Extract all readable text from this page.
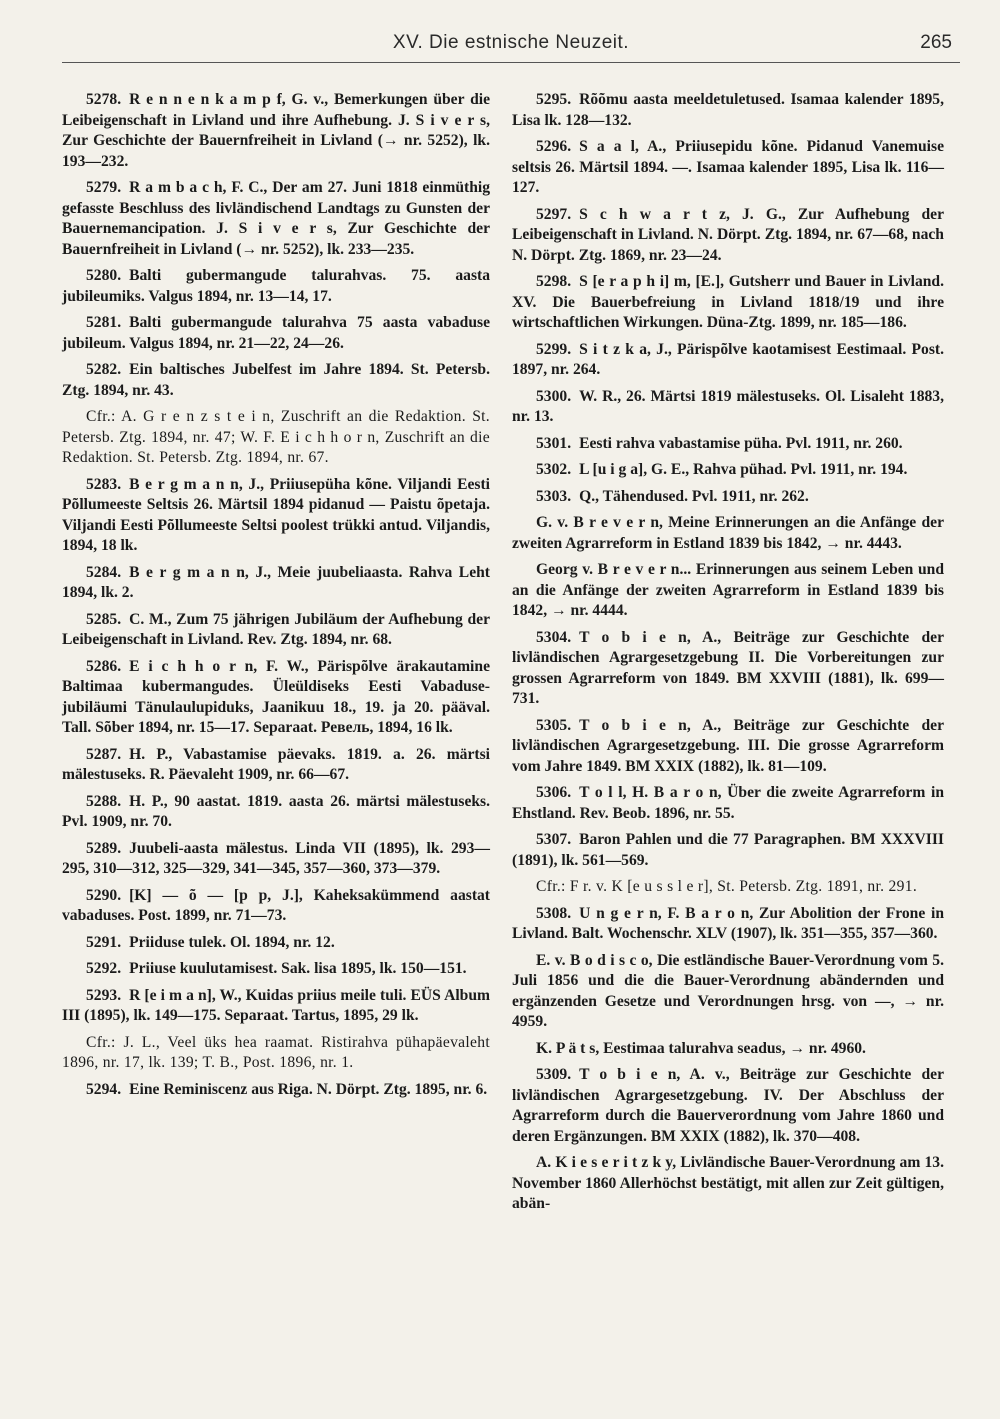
XV. Die estnische Neuzeit.	265

5278. R e n n e n k a m p f, G. v., Bemerkungen über die Leibeigenschaft in Livland und ihre Aufhebung. J. S i v e r s, Zur Geschichte der Bauernfreiheit in Livland (→ nr. 5252), lk. 193—232.

5279. R a m b a c h, F. C., Der am 27. Juni 1818 einmüthig gefasste Beschluss des livländischend Landtags zu Gunsten der Bauernemancipation. J. S i v e r s, Zur Geschichte der Bauernfreiheit in Livland (→ nr. 5252), lk. 233—235.

5280. Balti gubermangude talurahvas. 75. aasta jubileumiks. Valgus 1894, nr. 13—14, 17.

5281. Balti gubermangude talurahva 75 aasta vabaduse jubileum. Valgus 1894, nr. 21—22, 24—26.

5282. Ein baltisches Jubelfest im Jahre 1894. St. Petersb. Ztg. 1894, nr. 43.

Cfr.: A. G r e n z s t e i n, Zuschrift an die Redaktion. St. Petersb. Ztg. 1894, nr. 47; W. F. E i c h h o r n, Zuschrift an die Redaktion. St. Petersb. Ztg. 1894, nr. 67.

5283. B e r g m a n n, J., Priiusepüha kõne. Viljandi Eesti Põllumeeste Seltsis 26. Märtsil 1894 pidanud — Paistu õpetaja. Viljandi Eesti Põllumeeste Seltsi poolest trükki antud. Viljandis, 1894, 18 lk.

5284. B e r g m a n n, J., Meie juubeliaasta. Rahva Leht 1894, lk. 2.

5285. C. M., Zum 75 jährigen Jubiläum der Aufhebung der Leibeigenschaft in Livland. Rev. Ztg. 1894, nr. 68.

5286. E i c h h o r n, F. W., Pärispõlve ärakautamine Baltimaa kubermangudes. Üleüldiseks Eesti Vabaduse-jubiläumi Tänulaulupiduks, Jaanikuu 18., 19. ja 20. pääval. Tall. Sõber 1894, nr. 15—17. Separaat. Ревель, 1894, 16 lk.

5287. H. P., Vabastamise päevaks. 1819. a. 26. märtsi mälestuseks. R. Päevaleht 1909, nr. 66—67.

5288. H. P., 90 aastat. 1819. aasta 26. märtsi mälestuseks. Pvl. 1909, nr. 70.

5289. Juubeli-aasta mälestus. Linda VII (1895), lk. 293—295, 310—312, 325—329, 341—345, 357—360, 373—379.

5290. [K] — õ — [p p, J.], Kaheksakümmend aastat vabaduses. Post. 1899, nr. 71—73.

5291. Priiduse tulek. Ol. 1894, nr. 12.

5292. Priiuse kuulutamisest. Sak. lisa 1895, lk. 150—151.

5293. R [e i m a n], W., Kuidas priius meile tuli. EÜS Album III (1895), lk. 149—175. Separaat. Tartus, 1895, 29 lk.

Cfr.: J. L., Veel üks hea raamat. Ristirahva pühapäevaleht 1896, nr. 17, lk. 139; T. B., Post. 1896, nr. 1.

5294. Eine Reminiscenz aus Riga. N. Dörpt. Ztg. 1895, nr. 6.

5295. Rõõmu aasta meeldetuletused. Isamaa kalender 1895, Lisa lk. 128—132.

5296. S a a l, A., Priiusepidu kõne. Pidanud Vanemuise seltsis 26. Märtsil 1894. —. Isamaa kalender 1895, Lisa lk. 116—127.

5297. S c h w a r t z, J. G., Zur Aufhebung der Leibeigenschaft in Livland. N. Dörpt. Ztg. 1894, nr. 67—68, nach N. Dörpt. Ztg. 1869, nr. 23—24.

5298. S [e r a p h i] m, [E.], Gutsherr und Bauer in Livland. XV. Die Bauerbefreiung in Livland 1818/19 und ihre wirtschaftlichen Wirkungen. Düna-Ztg. 1899, nr. 185—186.

5299. S i t z k a, J., Pärispõlve kaotamisest Eestimaal. Post. 1897, nr. 264.

5300. W. R., 26. Märtsi 1819 mälestuseks. Ol. Lisaleht 1883, nr. 13.

5301. Eesti rahva vabastamise püha. Pvl. 1911, nr. 260.

5302. L [u i g a], G. E., Rahva pühad. Pvl. 1911, nr. 194.

5303. Q., Tähendused. Pvl. 1911, nr. 262.

G. v. B r e v e r n, Meine Erinnerungen an die Anfänge der zweiten Agrarreform in Estland 1839 bis 1842, → nr. 4443.

Georg v. B r e v e r n... Erinnerungen aus seinem Leben und an die Anfänge der zweiten Agrarreform in Estland 1839 bis 1842, → nr. 4444.

5304. T o b i e n, A., Beiträge zur Geschichte der livländischen Agrargesetzgebung II. Die Vorbereitungen zur grossen Agrarreform von 1849. BM XXVIII (1881), lk. 699—731.

5305. T o b i e n, A., Beiträge zur Geschichte der livländischen Agrargesetzgebung. III. Die grosse Agrarreform vom Jahre 1849. BM XXIX (1882), lk. 81—109.

5306. T o l l, H. B a r o n, Über die zweite Agrarreform in Ehstland. Rev. Beob. 1896, nr. 55.

5307. Baron Pahlen und die 77 Paragraphen. BM XXXVIII (1891), lk. 561—569.

Cfr.: F r. v. K [e u s s l e r], St. Petersb. Ztg. 1891, nr. 291.

5308. U n g e r n, F. B a r o n, Zur Abolition der Frone in Livland. Balt. Wochenschr. XLV (1907), lk. 351—355, 357—360.

E. v. B o d i s c o, Die estländische Bauer-Verordnung vom 5. Juli 1856 und die die Bauer-Verordnung abändernden und ergänzenden Gesetze und Verordnungen hrsg. von —, → nr. 4959.

K. P ä t s, Eestimaa talurahva seadus, → nr. 4960.

5309. T o b i e n, A. v., Beiträge zur Geschichte der livländischen Agrargesetzgebung. IV. Der Abschluss der Agrarreform durch die Bauerverordnung vom Jahre 1860 und deren Ergänzungen. BM XXIX (1882), lk. 370—408.

A. K i e s e r i t z k y, Livländische Bauer-Verordnung am 13. November 1860 Allerhöchst bestätigt, mit allen zur Zeit gültigen, abän-
